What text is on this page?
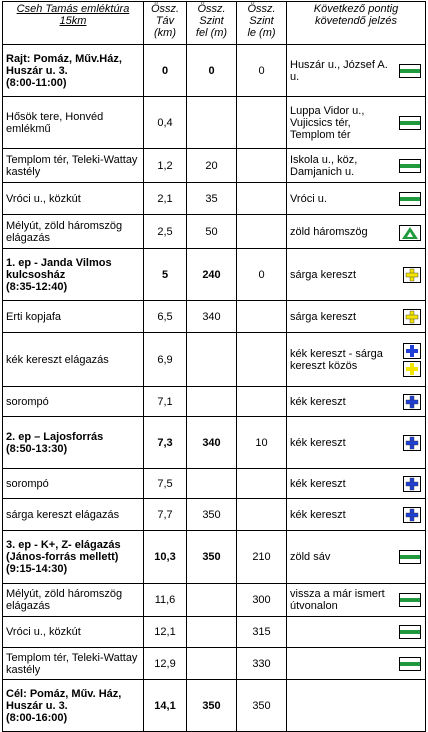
Cseh Tamás emléktúra
15km	Össz.
Táv
(km)	Össz.
Szint
fel (m)	Össz.
Szint
le (m)	Következő pontig
követendő jelzés
Rajt: Pomáz, Műv.Ház, Huszár u. 3.
(8:00-11:00)	0	0	0	Huszár u., József A. u.

Hősök tere, Honvéd emlékmű	0,4			Luppa Vidor u., Vujicsics tér, Templom tér

Templom tér, Teleki-Wattay kastély	1,2	20		Iskola u., köz, Damjanich u.

Vróci u., közkút	2,1	35		Vróci u.

Mélyút, zöld háromszög elágazás	2,5	50		zöld háromszög

1. ep - Janda Vilmos kulcsosház
(8:35-12:40)	5	240	0	sárga kereszt

Erti kopjafa	6,5	340		sárga kereszt

kék kereszt elágazás	6,9			kék kereszt - sárga kereszt közös

sorompó	7,1			kék kereszt

2. ep – Lajosforrás
(8:50-13:30)	7,3	340	10	kék kereszt

sorompó	7,5			kék kereszt

sárga kereszt elágazás	7,7	350		kék kereszt

3. ep - K+, Z- elágazás (János-forrás mellett)
(9:15-14:30)	10,3	350	210	zöld sáv

Mélyút, zöld háromszög elágazás	11,6		300	vissza a már ismert útvonalon

Vróci u., közkút	12,1		315	

Templom tér, Teleki-Wattay kastély	12,9		330	

Cél: Pomáz, Műv. Ház, Huszár u. 3.
(8:00-16:00)	14,1	350	350	
